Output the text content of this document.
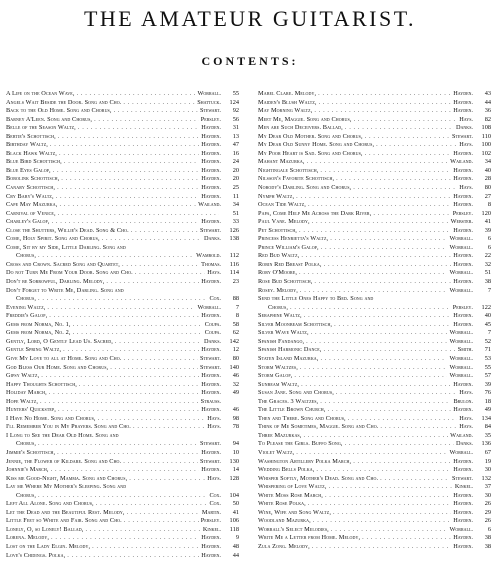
THE AMATEUR GUITARIST.
CONTENTS:
A Life on the Ocean Wave, . . .	Worrall.	55
Angels Wait Beside the Door. Song and Cho. . . .	Shattuck.	124
Back to the Old Home. Song and Chorus, . . .	Stewart.	92
Barney A'Leen. Song and Chorus, . . .	Persley.	56
Belle of the Season Waltz, . . .	Hayden.	31
Bertie's Schottisch, . . .	Hayden.	13
Birthday Waltz, . . .	Hayden.	47
Black Hawk Waltz, . . .	Hayden.	16
Blue Bird Schottisch, . . .	Hayden.	24
Blue Eyes Galop, . . .	Hayden.	20
Bobolink Schottisch, . . .	Hayden.	20
Canary Schottisch, . . .	Hayden.	25
Cry Baby's Waltz, . . .	Hayden.	11
Cape May Mazurka, . . .	Wailand.	34
Carnival of Venice, . . .	51
Charley's Galop, . . .	Hayden.	33
Close the Shutters, Willie's Dead. Song & Cho. . . .	Stewart.	126
Come, Holy Spirit. Song and Chorus, . . .	Danks.	138
Come, Sit by my Side, Little Darling. Song and
Chorus, . . .	Wambold.	112
Cross and Crown. Sacred Song and Quartet, . . .	Thomas.	116
Do not Turn Me From Your Door. Song and Cho. . . .	Hays.	114
Don't be Sorrowful, Darling. Melody, . . .	Hayden.	23
Don't Forget to Write Me, Darling. Song and
Chorus, . . .	Cox.	88
Evening Waltz, . . .	Worrall.	7
Freddie's Galop, . . .	Hayden.	8
Gems from Norma, No. 1, . . .	Coupa.	58
Gems from Norma, No. 2, . . .	Coupa.	62
Gently, Lord, O Gently Lead Us. Sacred, . . .	Danks.	142
Gentle Spring Waltz, . . .	Hayden.	12
Give My Love to all at Home. Song and Cho. . . .	Stewart.	80
God Bless Our Home. Song and Chorus, . . .	Stewart.	140
Gipsy Waltz, . . .	Hayden.	46
Happy Thoughts Schottisch, . . .	Hayden.	32
Holiday March, . . .	Hayden.	49
Hope Waltz, . . .	Strauss.
Hunters' Quickstep, . . .	Hayden.	46
I Have No Home. Song and Chorus, . . .	Hays.	98
I'll Remember You in My Prayers. Song and Cho. . . .	Hays.	78
I Long to See the Dear Old Home. Song and
Chorus, . . .	Stewart.	94
Jimmie's Schottisch, . . .	Hayden.	10
Jennie, the Flower of Kildare. Song and Cho. . . .	Stewart.	130
Johnnie's March, . . .	Hayden.	14
Kiss me Good-Night, Mamma. Song and Chorus, . . .	Hays.	128
Lay me Where My Mother's Sleeping. Song and
Chorus, . . .	Cox.	104
Left All Alone. Song and Chorus, . . .	Cox.	50
Let the Dead and the Beautiful Rest. Melody, . . .	Martin.	41
Little Feet so White and Fair. Song and Cho. . . .	Persley.	106
Lonely, O, so Lonely! Ballad, . . .	Kinkel.	118
Lorena. Melody, . . .	Hayden.	9
Lost on the Lady Elgin. Melody, . . .	Hayden.	48
Love's Chidings. Polka, . . .	Hayden.	44
Mabel Clare. Melody, . . .	Hayden.	43
Maiden's Blush Waltz, . . .	Hayden.	44
May Morning Waltz, . . .	Hayden.	36
Meet Me, Maggie. Song and Chorus, . . .	Hays.	82
Men are Such Deceivers. Ballad, . . .	Danks.	108
My Dear Old Mother. Song and Chorus, . . .	Stewart.	110
My Dear Old Sunny Home. Song and Chorus, . . .	Hays.	100
My Poor Heart is Sad. Song and Chorus, . . .	Hayden.	102
Mahant Mazurka, . . .	Wailand.	34
Nightingale Schottisch, . . .	Hayden.	40
Nilsson's Favorite Schottisch, . . .	Hayden.	28
Nobody's Darling. Song and Chorus, . . .	Hays.	80
Nymph Waltz, . . .	Hayden.	27
Ocean Tide Waltz, . . .	Hayden.	8
Papa, Come Help Me Across the Dark River, . . .	Persley.	120
Paul Vane. Melody, . . .	Webster.	41
Pet Schottisch, . . .	Hayden.	39
Princess Henrietta's Waltz, . . .	Worrall.	6
Prince William's Galop, . . .	Worrall.	6
Red Bud Waltz, . . .	Hayden.	22
Robin Red Breast Polka, . . .	Hayden.	32
Rory O'Moore, . . .	Worrall.	51
Rose Bud Schottisch, . . .	Hayden.	38
Rosey. Melody, . . .	Worrall.	7
Send the Little Ones Happy to Bed. Song and
Chorus, . . .	Persley.	122
Seraphine Waltz, . . .	Hayden.	40
Silver Moonbeam Schottisch, . . .	Hayden.	45
Silver Wave Waltz, . . .	Worrall.	7
Spanish Fandango, . . .	Worrall.	52
Spanish Harmonic Dance, . . .	Smith.	71
Staten Island Mazurka, . . .	Worrall.	53
Storm Waltzes, . . .	Worrall.	55
Storm Galop, . . .	Worrall.	57
Sunbeam Waltz, . . .	Hayden.	39
Susan Jane. Song and Chorus, . . .	Hays.	76
The Graces. 3 Waltzes, . . .	Brulon.	18
The Little Brown Church, . . .	Hayden.	49
Then and There. Song and Chorus, . . .	Hays.	134
Think of Me Sometimes, Maggie. Song and Cho. . . .	Hays.	84
Three Mazurkas, . . .	Wailand.	35
To Please the Girls. Buffo Song, . . .	Danks.	136
Violet Waltz, . . .	Worrall.	67
Washington Artillery Polka March, . . .	Hayden.	19
Wedding Bells Polka, . . .	Hayden.	30
Whisper Softly, Mother's Dead. Song and Cho. . . .	Stewart.	132
Whispering of Love Waltz, . . .	Kinkel.	37
White Moss Rose March, . . .	Hayden.	30
White Rose Polka, . . .	Hayden.	26
Wine, Wife and Song Waltz, . . .	Hayden.	29
Woodland Mazurka, . . .	Hayden.	26
Worrall's Select Melodies, . . .	Worrall.	6
Write Me a Letter from Home. Melody, . . .	Hayden.	38
Zula Zong. Melody, . . .	Hayden.	38
